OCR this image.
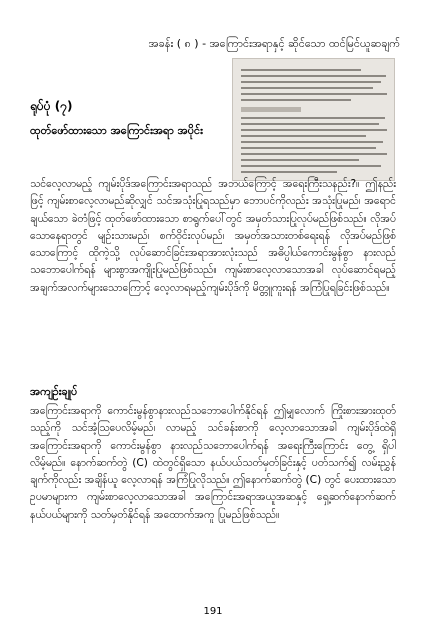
အခန်း ( ၈ ) - အကြောင်းအရာနှင့် ဆိုင်သော ထင်မြင်ယူဆချက်
ရုပ်ပုံ (၇)
ထုတ်ဖော်ထားသော အကြောင်းအရာ အပိုင်း

သင်လေ့လာမည့် ကျမ်းပိုဒ်အကြောင်းအရာသည် အဘယ်ကြောင့် အရေးကြီးသနည်း?။ ဤနည်းဖြင့် ကျမ်းစာလေ့လာမည်ဆိုလျှင် သင်အသုံးပြုရသည်မှာ ဘောပင်ကိုလည်း အသုံးပြုမည်၊ အရောင်ချယ်သော ခဲတံဖြင့် ထုတ်ဖော်ထားသော စာရွက်ပေါ်တွင် အမှတ်သားပြုလုပ်မည်ဖြစ်သည်။ လိုအပ်သောနေရာတွင် မျဉ်းသားမည်၊ စက်ဝိုင်းလုပ်မည်၊ အမှတ်အသားတစ်ရေးရန် လိုအပ်မည်ဖြစ်သောကြောင့် ထိုကဲ့သို့ လုပ်ဆောင်ခြင်းအရာအားလုံးသည် အဓိပ္ပါယ်ကောင်းမွန်စွာ နားလည်သဘောပေါက်ရန် များစွာအကျိုးပြုမည်ဖြစ်သည်။ ကျမ်းစာလေ့လာသောအခါ လုပ်ဆောင်ရမည့် အချက်အလက်များသောကြောင့် လေ့လာရမည့်ကျမ်းပိုဒ်ကို မိတ္တူကူးရန် အကြံပြုရခြင်းဖြစ်သည်။

အကျဉ်းချုပ်

အကြောင်းအရာကို ကောင်းမွန်စွာနားလည်သဘောပေါက်နိုင်ရန် ဤမျှလောက် ကြိုးစားအားထုတ်သည့်ကို သင်အံ့သြပေလိမ့်မည်၊ လာမည့် သင်ခန်းစာကို လေ့လာသောအခါ ကျမ်းပိုဒ်ထဲရှိအကြောင်းအရာကို ကောင်းမွန်စွာ နားလည်သဘောပေါက်ရန် အရေးကြီးကြောင်း တွေ့ ရှိပါလိမ့်မည်။ နောက်ဆက်တွဲ (C) ထဲတွင်ရှိသော နယ်ပယ်သတ်မှတ်ခြင်းနှင့် ပတ်သက်၍ လမ်းညွှန်ချက်ကိုလည်း အချိန်ယူ လေ့လာရန် အကြံပြုလိုသည်။ ဤနောက်ဆက်တွဲ (C) တွင် ပေးထားသော ဥပမာများက ကျမ်းစာလေ့လာသောအခါ အကြောင်းအရာအယူအဆနှင့် ရှေ့ဆက်နောက်ဆက်နယ်ပယ်များကို သတ်မှတ်နိုင်ရန် အထောက်အကူ ပြုမည်ဖြစ်သည်။

191
